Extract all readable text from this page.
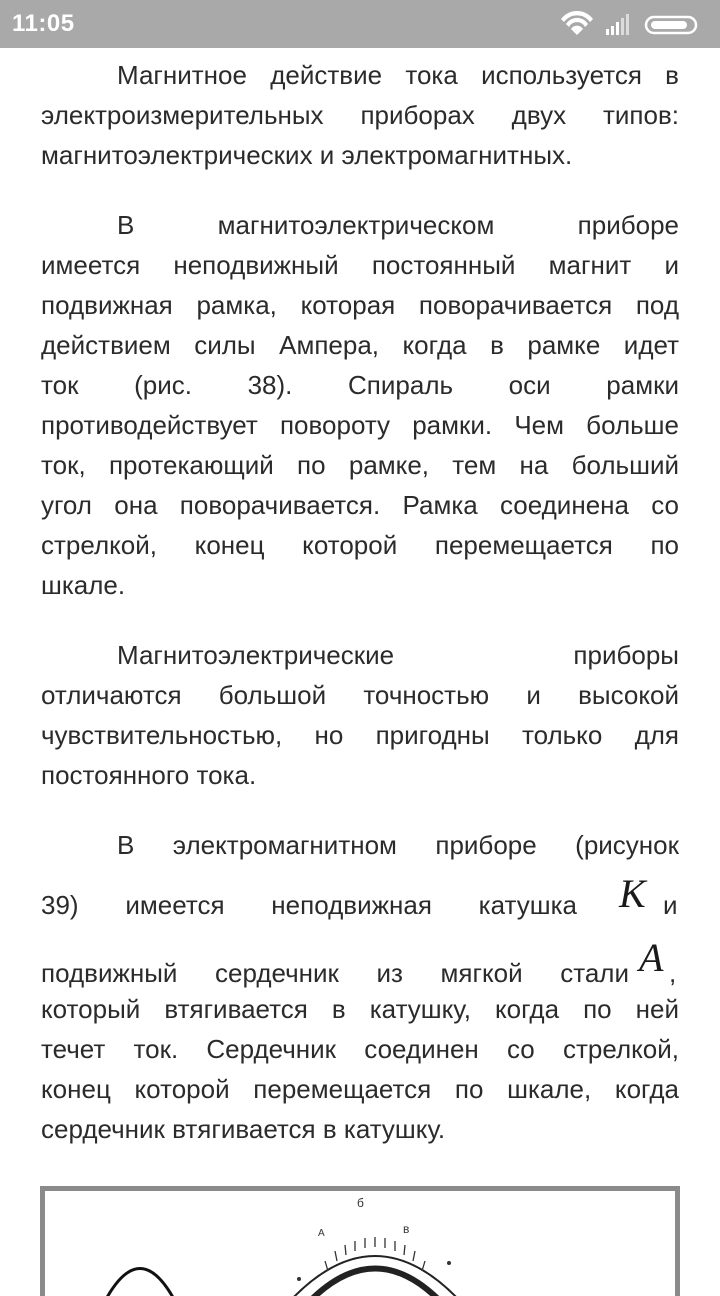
11:05
Магнитное действие тока используется в
электроизмерительных приборах двух типов:
магнитоэлектрических и электромагнитных.
В магнитоэлектрическом приборе
имеется неподвижный постоянный магнит и
подвижная рамка, которая поворачивается под
действием силы Ампера, когда в рамке идет
ток (рис. 38). Спираль оси рамки
противодействует повороту рамки. Чем больше
ток, протекающий по рамке, тем на больший
угол она поворачивается. Рамка соединена со
стрелкой, конец которой перемещается по
шкале.
Магнитоэлектрические приборы
отличаются большой точностью и высокой
чувствительностью, но пригодны только для
постоянного тока.
В электромагнитном приборе (рисунок
39) имеется неподвижная катушка K и
подвижный сердечник из мягкой стали A ,
который втягивается в катушку, когда по ней
течет ток. Сердечник соединен со стрелкой,
конец которой перемещается по шкале, когда
сердечник втягивается в катушку.
A
б
в
